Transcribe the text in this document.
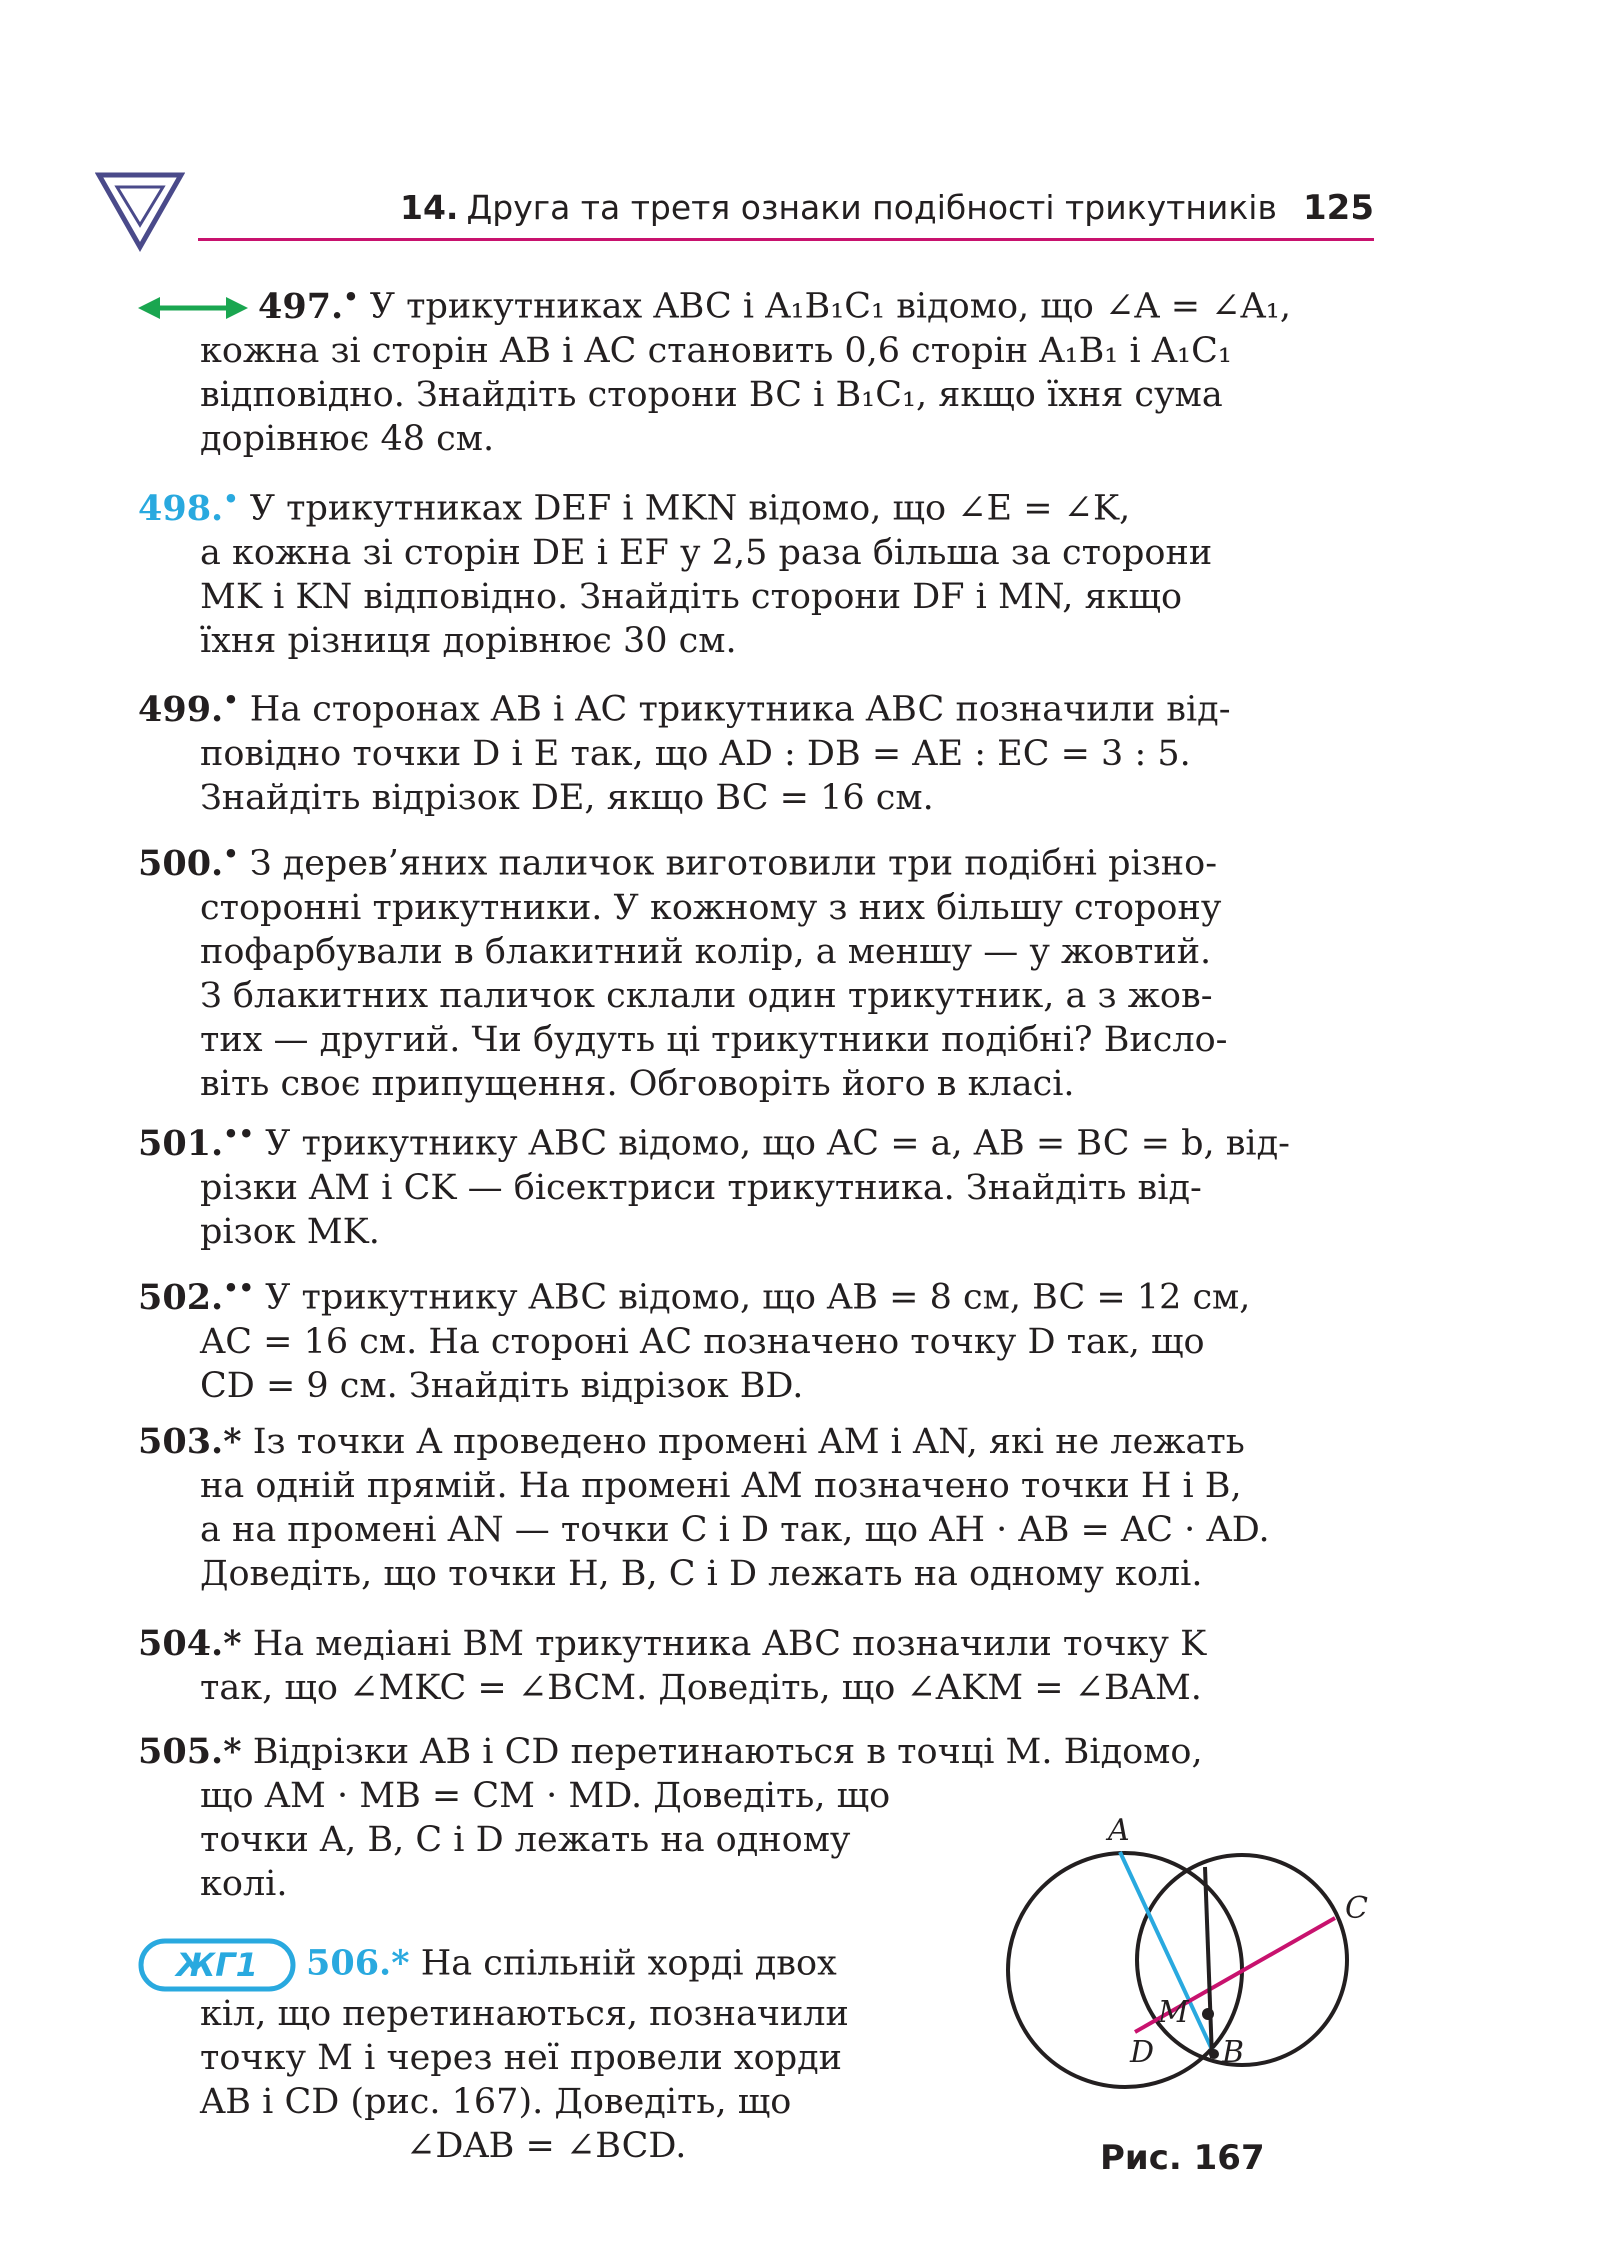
14. Друга та третя ознаки подібності трикутників 125
497.• У трикутниках ABC і A₁B₁C₁ відомо, що ∠A = ∠A₁,
кожна зі сторін AB і AC становить 0,6 сторін A₁B₁ і A₁C₁
відповідно. Знайдіть сторони BC і B₁C₁, якщо їхня сума
дорівнює 48 см.
498.• У трикутниках DEF і MKN відомо, що ∠E = ∠K,
а кожна зі сторін DE і EF у 2,5 раза більша за сторони
MK і KN відповідно. Знайдіть сторони DF і MN, якщо
їхня різниця дорівнює 30 см.
499.• На сторонах AB і AC трикутника ABC позначили від-
повідно точки D і E так, що AD : DB = AE : EC = 3 : 5.
Знайдіть відрізок DE, якщо BC = 16 см.
500.• З дерев’яних паличок виготовили три подібні різно-
сторонні трикутники. У кожному з них більшу сторону
пофарбували в блакитний колір, а меншу — у жовтий.
З блакитних паличок склали один трикутник, а з жов-
тих — другий. Чи будуть ці трикутники подібні? Висло-
віть своє припущення. Обговоріть його в класі.
501.•• У трикутнику ABC відомо, що AC = a, AB = BC = b, від-
різки AM і CK — бісектриси трикутника. Знайдіть від-
різок MK.
502.•• У трикутнику ABC відомо, що AB = 8 см, BC = 12 см,
AC = 16 см. На стороні AC позначено точку D так, що
CD = 9 см. Знайдіть відрізок BD.
503.* Із точки A проведено промені AM і AN, які не лежать
на одній прямій. На промені AM позначено точки H і B,
а на промені AN — точки C і D так, що AH · AB = AC · AD.
Доведіть, що точки H, B, C і D лежать на одному колі.
504.* На медіані BM трикутника ABC позначили точку K
так, що ∠MKC = ∠BCM. Доведіть, що ∠AKM = ∠BAM.
505.* Відрізки AB і CD перетинаються в точці M. Відомо,
що AM · MB = CM · MD. Доведіть, що
точки A, B, C і D лежать на одному
колі.
ЖГ1 506.* На спільній хорді двох
кіл, що перетинаються, позначили
точку M і через неї провели хорди
AB і CD (рис. 167). Доведіть, що
∠DAB = ∠BCD.
A
C
M
D B
Рис. 167
